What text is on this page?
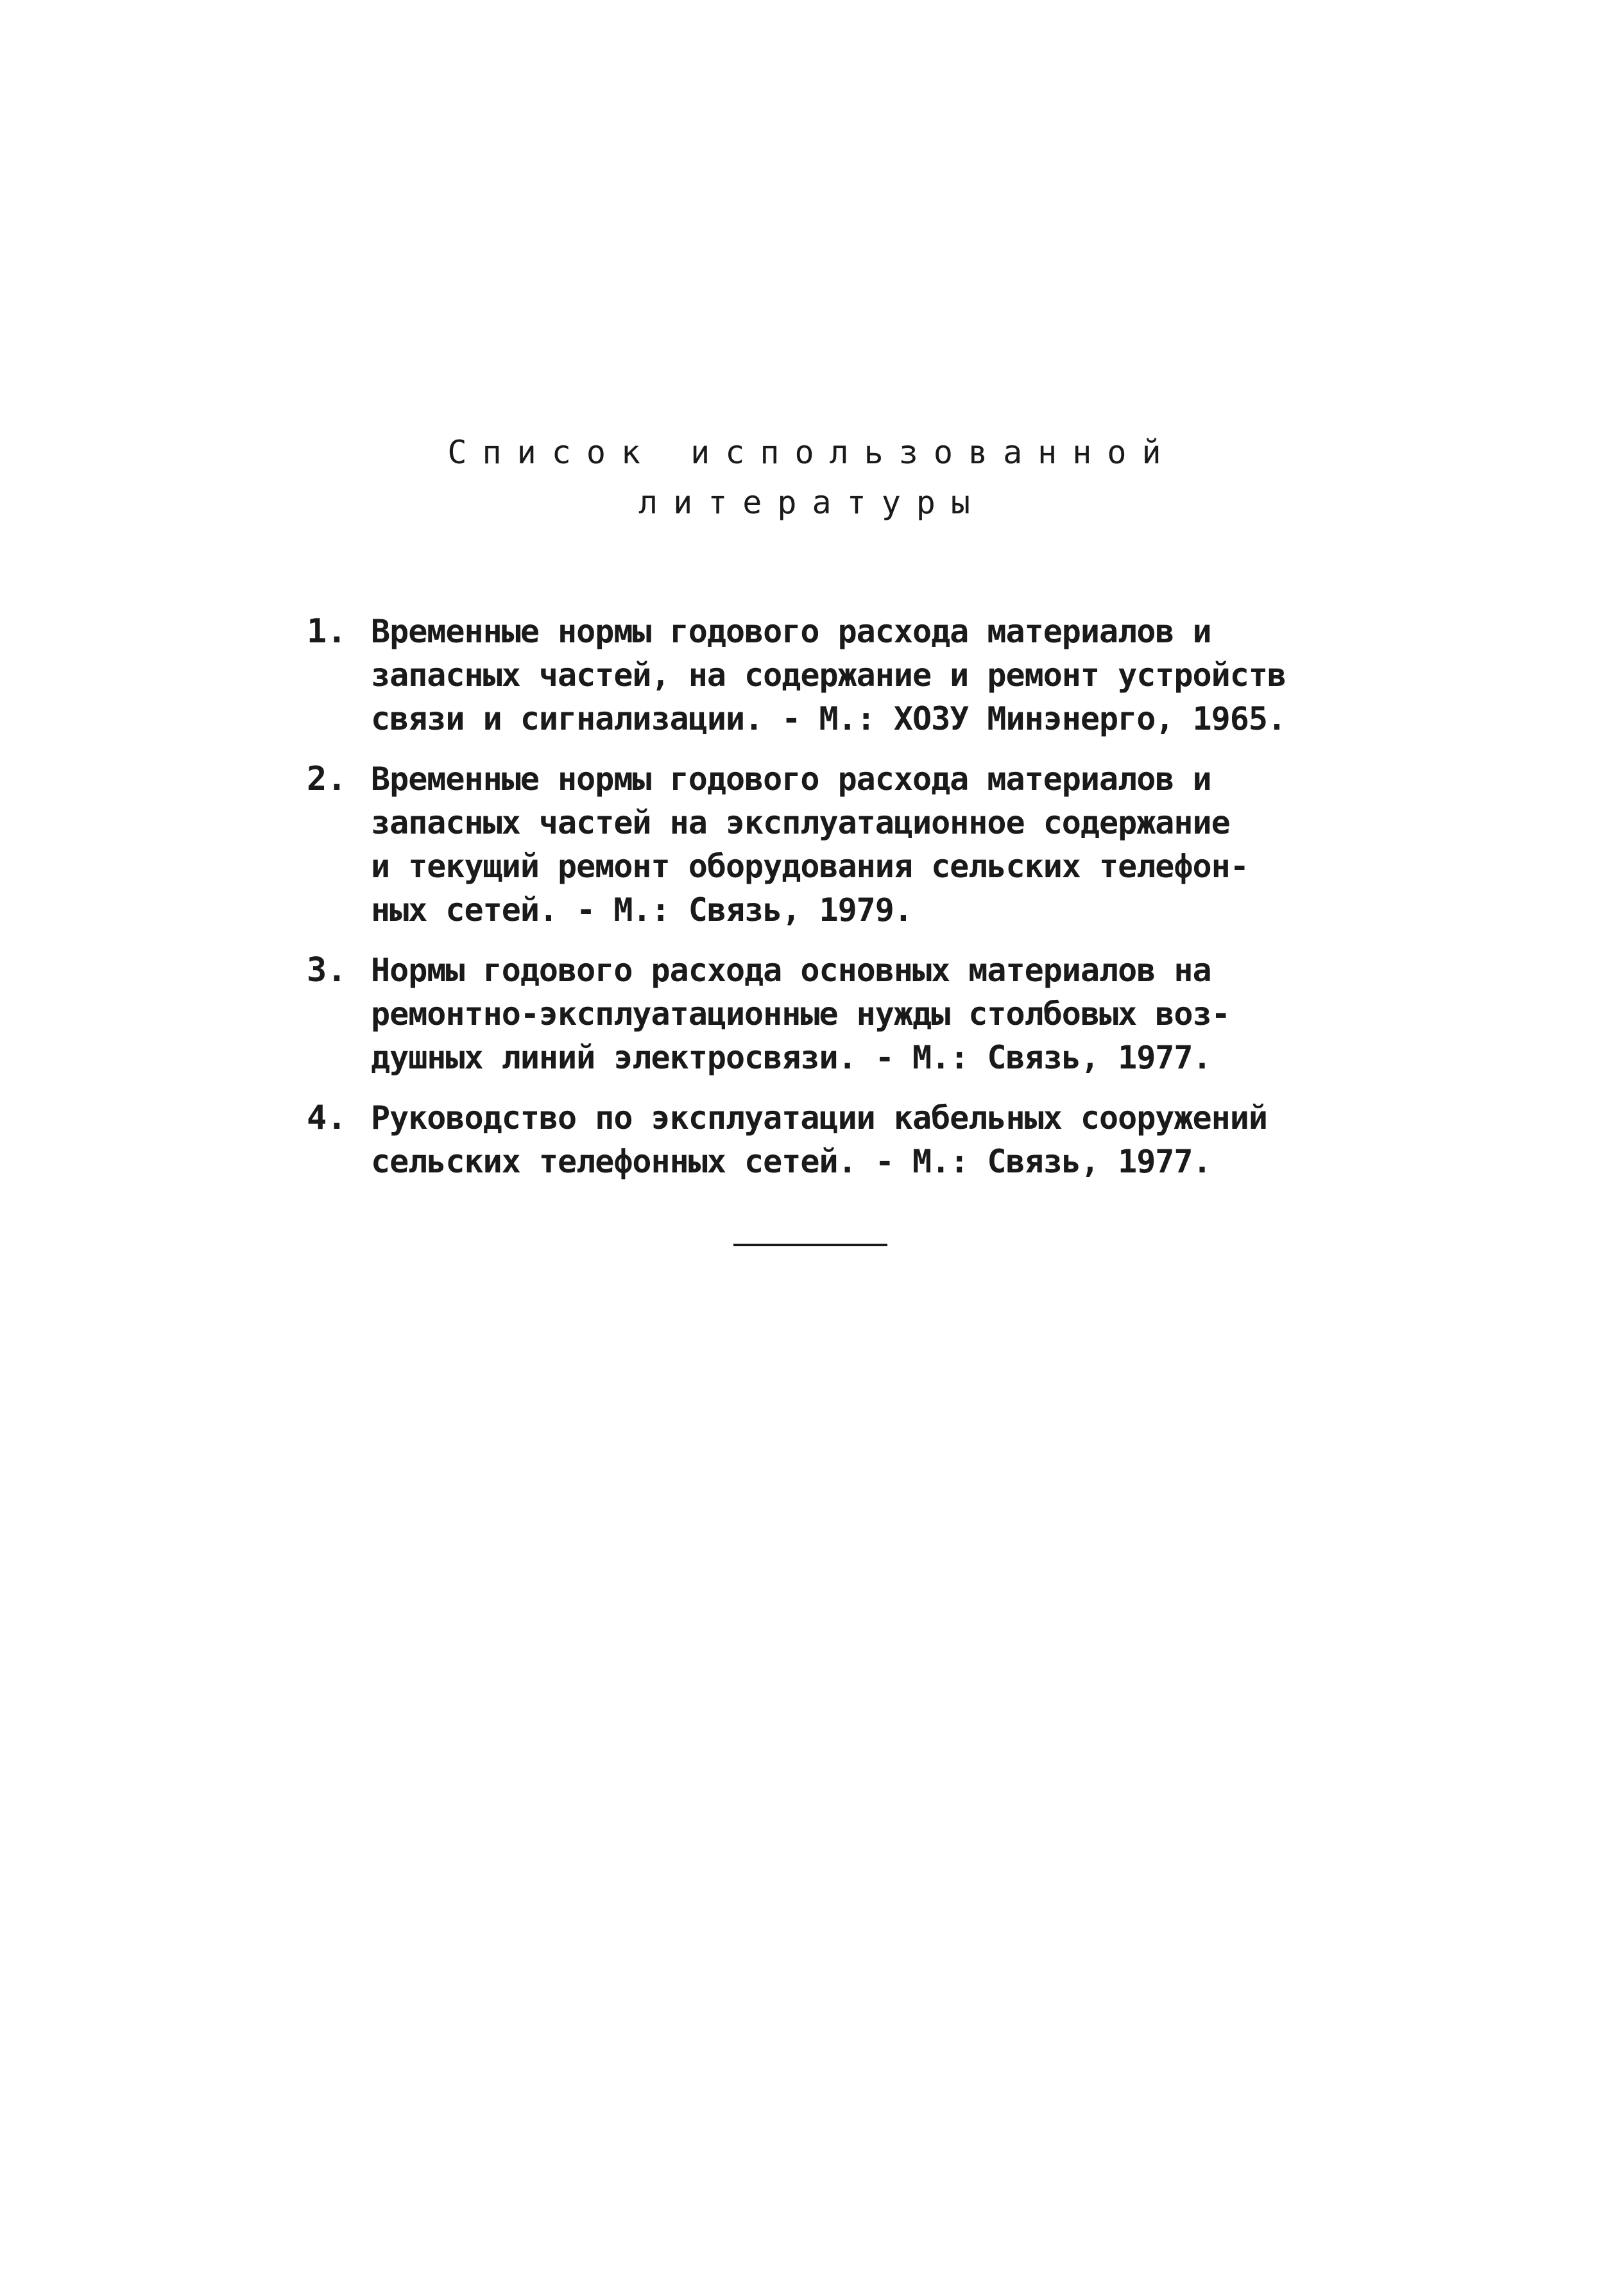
Список использованной
литературы
1. Временные нормы годового расхода материалов и
запасных частей, на содержание и ремонт устройств
связи и сигнализации. - М.: ХОЗУ Минэнерго, 1965.
2. Временные нормы годового расхода материалов и
запасных частей на эксплуатационное содержание
и текущий ремонт оборудования сельских телефон-
ных сетей. - М.: Связь, 1979.
3. Нормы годового расхода основных материалов на
ремонтно-эксплуатационные нужды столбовых воз-
душных линий электросвязи. - М.: Связь, 1977.
4. Руководство по эксплуатации кабельных сооружений
сельских телефонных сетей. - М.: Связь, 1977.
